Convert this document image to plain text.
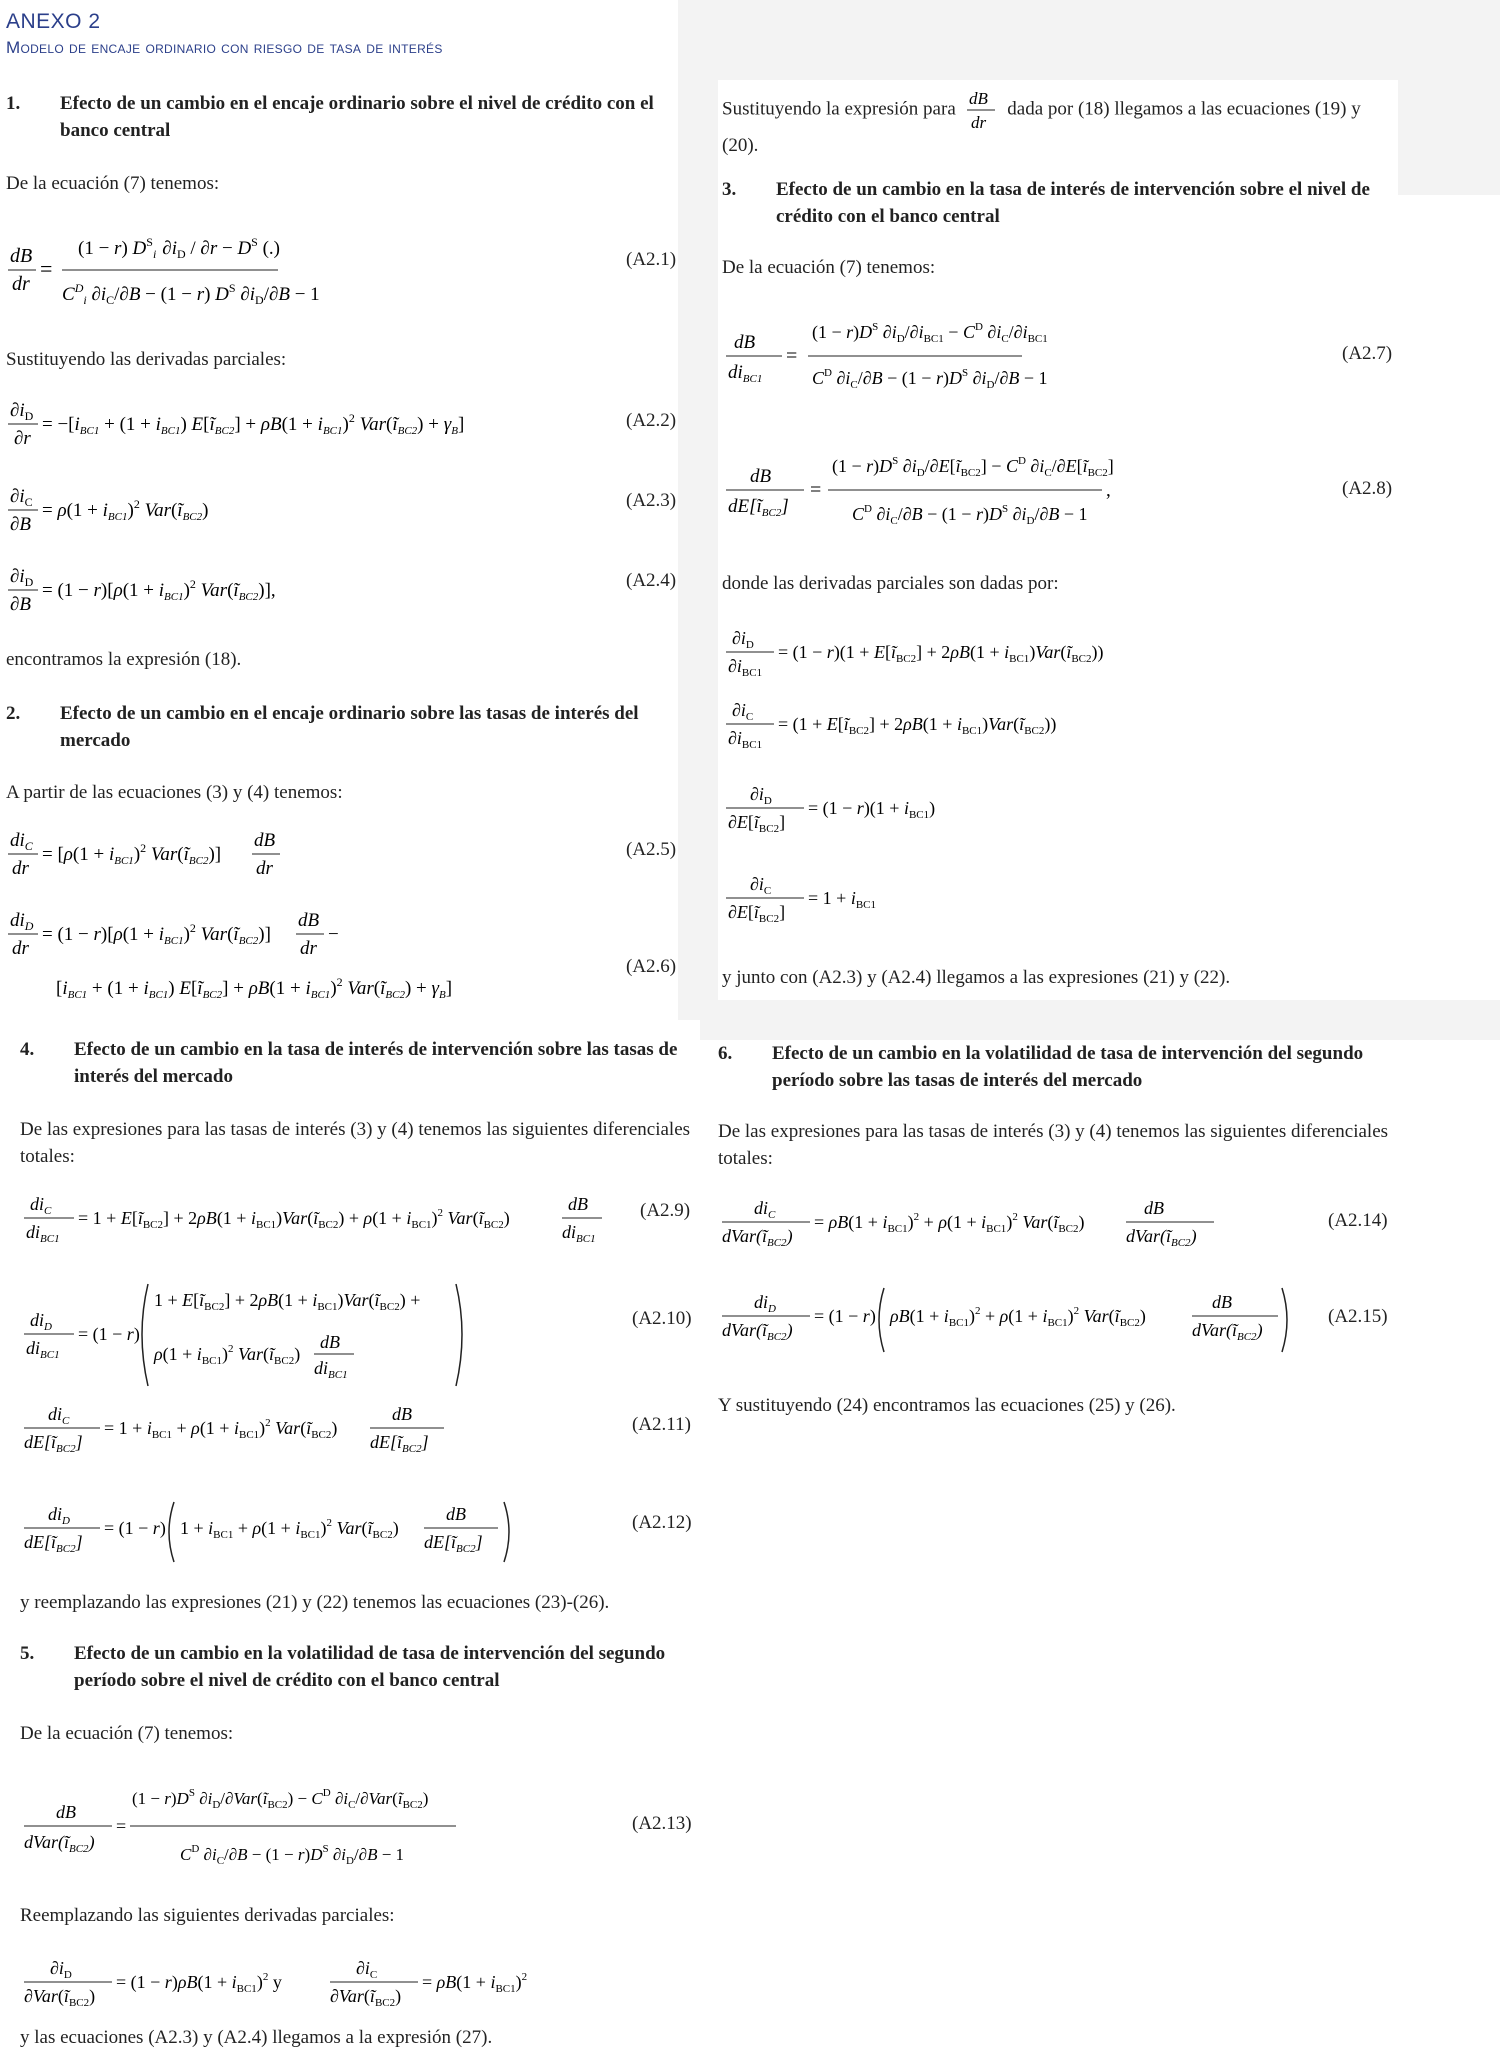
ANEXO 2
Modelo de encaje ordinario con riesgo de tasa de interés
1. Efecto de un cambio en el encaje ordinario sobre el nivel de crédito con el banco central
De la ecuación (7) tenemos:
dB
dr
=
(1 − r) $D^S_i$ $\partial i_D / \partial r - D^S$ (.)
$C^D_i$ $\partial i_C/\partial B - (1 - r)$ $D^S$ $\partial i_D/\partial B - 1$
(A2.1)
Sustituyendo las derivadas parciales:
$\partial i_D$
∂r
= $-[i_{BC1} + (1 + i_{BC1})$ $E[ĩ_{BC2}] + \rho B(1 + i_{BC1})^2$ $Var(ĩ_{BC2}) + \gamma_B$]	(A2.2)
$\partial i_C$
∂B
= $\rho(1 + i_{BC1})^2$ $Var(ĩ_{BC2})$	(A2.3)
$\partial i_D$
∂B
= $(1 - r)[\rho(1 + i_{BC1})^2$ $Var(ĩ_{BC2})$],	(A2.4)
encontramos la expresión (18).
2. Efecto de un cambio en el encaje ordinario sobre las tasas de interés del mercado
A partir de las ecuaciones (3) y (4) tenemos:
$di_C$
dr
= [$\rho(1 + i_{BC1})^2$ $Var(ĩ_{BC2})$]
dB
dr
(A2.5)
$di_D$
dr
= $(1 - r)[\rho(1 + i_{BC1})^2$ $Var(ĩ_{BC2})$]
dB
dr
−
[$i_{BC1} + (1 + i_{BC1})$ $E[ĩ_{BC2}] + \rho B(1 + i_{BC1})^2$ $Var(ĩ_{BC2}) + \gamma_B$]
(A2.6)
Sustituyendo la expresión para dB
dr
dada por (18) llegamos a las ecuaciones (19) y (20).
3. Efecto de un cambio en la tasa de interés de intervención sobre el nivel de crédito con el banco central
De la ecuación (7) tenemos:
dB
$di_{BC1}$
=
$(1 - r)D^S$ $\partial i_D/\partial i_{BC1} - C^D$ $\partial i_C/\partial i_{BC1}$
$C^D$ $\partial i_C/\partial B - (1 - r)D^S$ $\partial i_D/\partial B - 1$
(A2.7)
dB
$dE[ĩ_{BC2}]$
=
$(1 - r)D^S$ $\partial i_D/\partial E[ĩ_{BC2}] - C^D$ $\partial i_C/\partial E[ĩ_{BC2}]$
,
$C^D$ $\partial i_C/\partial B - (1 - r)D^S$ $\partial i_D/\partial B - 1$
(A2.8)
donde las derivadas parciales son dadas por:
$\partial i_D$
$\partial i_{BC1}$
= $(1 - r)(1 + E[ĩ_{BC2}] + 2\rho B(1$ + $i_{BC1})Var(ĩ_{BC2})$)
$\partial i_C$
$\partial i_{BC1}$
= ($1 + E[ĩ_{BC2}] + 2\rho B(1$ + $i_{BC1})Var(ĩ_{BC2})$)
$\partial i_D$
$\partial E[ĩ_{BC2}]$
= $(1 - r)(1 + i_{BC1})$
$\partial i_C$
$\partial E[ĩ_{BC2}]$
= $1 + i_{BC1}$
y junto con (A2.3) y (A2.4) llegamos a las expresiones (21) y (22).
4. Efecto de un cambio en la tasa de interés de intervención sobre las tasas de interés del mercado
De las expresiones para las tasas de interés (3) y (4) tenemos las siguientes diferenciales totales:
$di_C$
$di_{BC1}$
= $1 + E[ĩ_{BC2}] + 2\rho B(1$ + $i_{BC1})Var(ĩ_{BC2}) + \rho(1 + i_{BC1})^2$ $Var(ĩ_{BC2})$
dB
$di_{BC1}$
(A2.9)
$di_D$
$di_{BC1}$
= (1 − r)
$1 + E[ĩ_{BC2}] + 2\rho B(1$ + $i_{BC1})Var(ĩ_{BC2})$ +
$\rho(1 + i_{BC1})^2$ $Var(ĩ_{BC2})$
dB
$di_{BC1}$
(A2.10)
$di_C$
$dE[ĩ_{BC2}]$
= $1 + i_{BC1} + \rho(1 + i_{BC1})^2$ $Var(ĩ_{BC2})$
dB
$dE[ĩ_{BC2}]$
(A2.11)
$di_D$
$dE[ĩ_{BC2}]$
= (1 − r) $1 + i_{BC1} + \rho(1 + i_{BC1})^2$ $Var(ĩ_{BC2})$
dB
$dE[ĩ_{BC2}]$
(A2.12)
y reemplazando las expresiones (21) y (22) tenemos las ecuaciones (23)-(26).
5. Efecto de un cambio en la volatilidad de tasa de intervención del segundo período sobre el nivel de crédito con el banco central
De la ecuación (7) tenemos:
dB
$dVar(ĩ_{BC2})$
=
$(1 - r)D^S$ $\partial i_D/\partial Var(ĩ_{BC2}) - C^D$ $\partial i_C/\partial Var(ĩ_{BC2})$
$C^D$ $\partial i_C/\partial B - (1 - r)D^S$ $\partial i_D/\partial B - 1$
(A2.13)
Reemplazando las siguientes derivadas parciales:
$\partial i_D$
$\partial Var(ĩ_{BC2})$
= $(1 - r)\rho B(1 + i_{BC1})^2$ y
$\partial i_C$
$\partial Var(ĩ_{BC2})$
= $\rho B(1 + i_{BC1})^2$
y las ecuaciones (A2.3) y (A2.4) llegamos a la expresión (27).
6. Efecto de un cambio en la volatilidad de tasa de intervención del segundo período sobre las tasas de interés del mercado
De las expresiones para las tasas de interés (3) y (4) tenemos las siguientes diferenciales totales:
$di_C$
$dVar(ĩ_{BC2})$
= $\rho B(1 + i_{BC1})^2 + \rho(1 + i_{BC1})^2$ $Var(ĩ_{BC2})$
dB
$dVar(ĩ_{BC2})$
(A2.14)
$di_D$
$dVar(ĩ_{BC2})$
= (1 − r) $\rho B(1 + i_{BC1})^2 + \rho(1 + i_{BC1})^2$ $Var(ĩ_{BC2})$
dB
$dVar(ĩ_{BC2})$
(A2.15)
Y sustituyendo (24) encontramos las ecuaciones (25) y (26).
